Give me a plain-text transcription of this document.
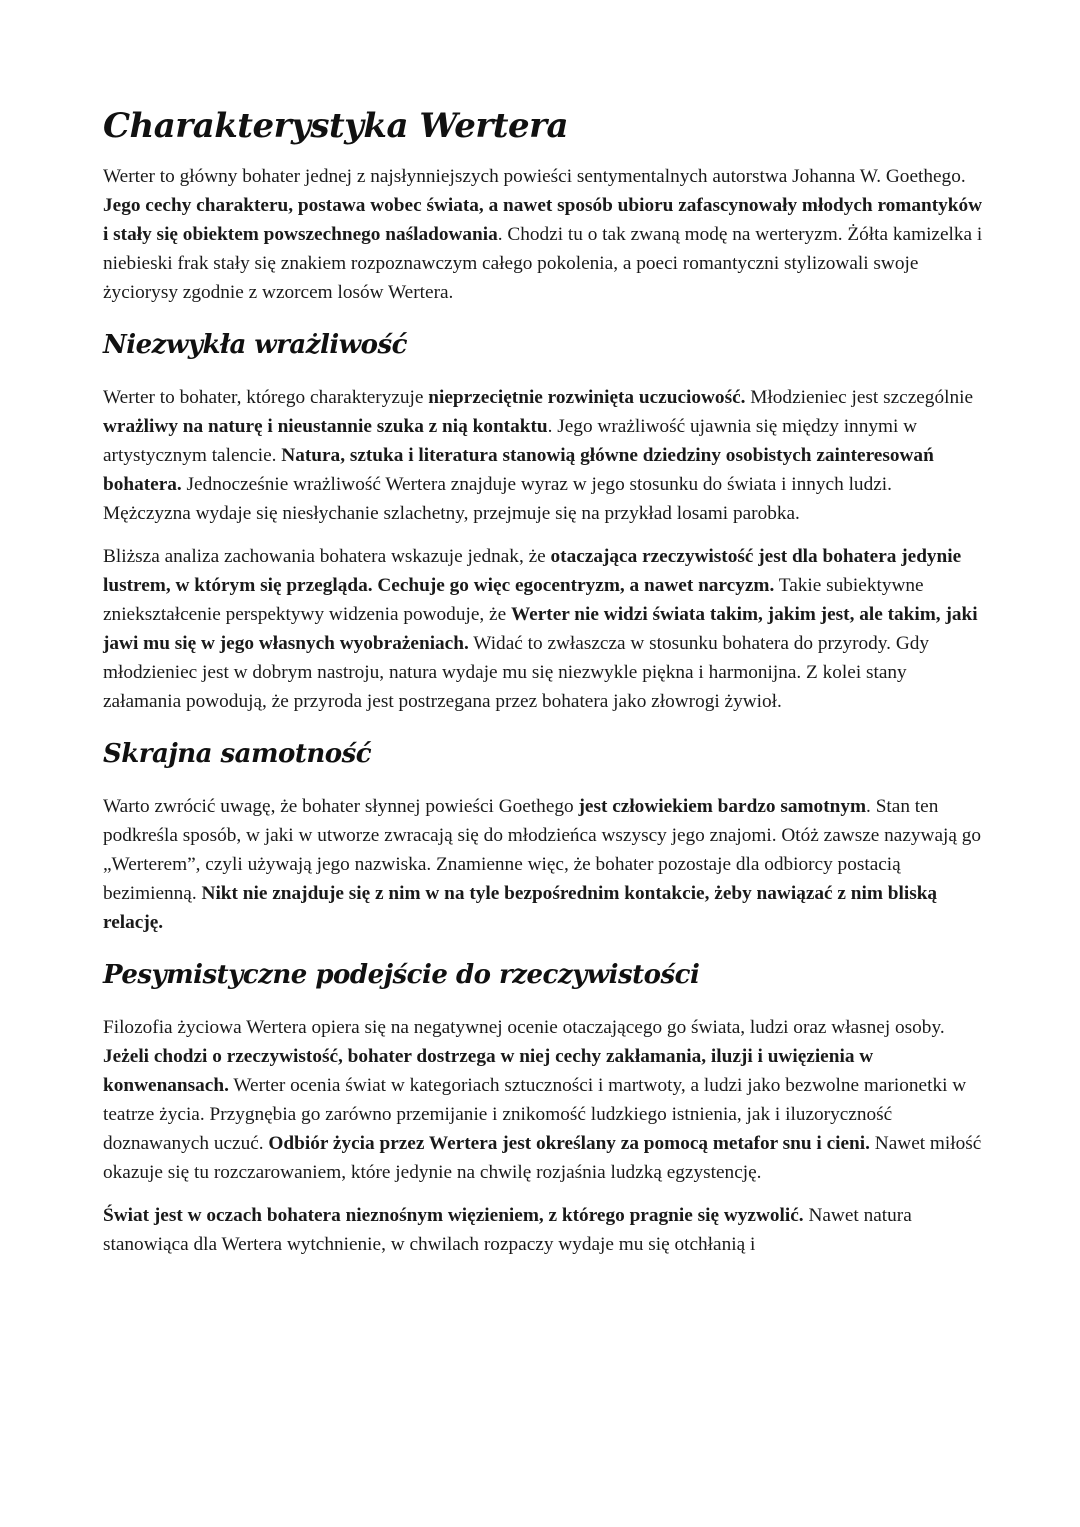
Charakterystyka Wertera

Werter to główny bohater jednej z najsłynniejszych powieści sentymentalnych autorstwa Johanna W. Goethego. Jego cechy charakteru, postawa wobec świata, a nawet sposób ubioru zafascynowały młodych romantyków i stały się obiektem powszechnego naśladowania. Chodzi tu o tak zwaną modę na werteryzm. Żółta kamizelka i niebieski frak stały się znakiem rozpoznawczym całego pokolenia, a poeci romantyczni stylizowali swoje życiorysy zgodnie z wzorcem losów Wertera.

Niezwykła wrażliwość

Werter to bohater, którego charakteryzuje nieprzeciętnie rozwinięta uczuciowość. Młodzieniec jest szczególnie wrażliwy na naturę i nieustannie szuka z nią kontaktu. Jego wrażliwość ujawnia się między innymi w artystycznym talencie. Natura, sztuka i literatura stanowią główne dziedziny osobistych zainteresowań bohatera. Jednocześnie wrażliwość Wertera znajduje wyraz w jego stosunku do świata i innych ludzi. Mężczyzna wydaje się niesłychanie szlachetny, przejmuje się na przykład losami parobka.

Bliższa analiza zachowania bohatera wskazuje jednak, że otaczająca rzeczywistość jest dla bohatera jedynie lustrem, w którym się przegląda. Cechuje go więc egocentryzm, a nawet narcyzm. Takie subiektywne zniekształcenie perspektywy widzenia powoduje, że Werter nie widzi świata takim, jakim jest, ale takim, jaki jawi mu się w jego własnych wyobrażeniach. Widać to zwłaszcza w stosunku bohatera do przyrody. Gdy młodzieniec jest w dobrym nastroju, natura wydaje mu się niezwykle piękna i harmonijna. Z kolei stany załamania powodują, że przyroda jest postrzegana przez bohatera jako złowrogi żywioł.

Skrajna samotność

Warto zwrócić uwagę, że bohater słynnej powieści Goethego jest człowiekiem bardzo samotnym. Stan ten podkreśla sposób, w jaki w utworze zwracają się do młodzieńca wszyscy jego znajomi. Otóż zawsze nazywają go „Werterem”, czyli używają jego nazwiska. Znamienne więc, że bohater pozostaje dla odbiorcy postacią bezimienną. Nikt nie znajduje się z nim w na tyle bezpośrednim kontakcie, żeby nawiązać z nim bliską relację.

Pesymistyczne podejście do rzeczywistości

Filozofia życiowa Wertera opiera się na negatywnej ocenie otaczającego go świata, ludzi oraz własnej osoby. Jeżeli chodzi o rzeczywistość, bohater dostrzega w niej cechy zakłamania, iluzji i uwięzienia w konwenansach. Werter ocenia świat w kategoriach sztuczności i martwoty, a ludzi jako bezwolne marionetki w teatrze życia. Przygnębia go zarówno przemijanie i znikomość ludzkiego istnienia, jak i iluzoryczność doznawanych uczuć. Odbiór życia przez Wertera jest określany za pomocą metafor snu i cieni. Nawet miłość okazuje się tu rozczarowaniem, które jedynie na chwilę rozjaśnia ludzką egzystencję.

Świat jest w oczach bohatera nieznośnym więzieniem, z którego pragnie się wyzwolić. Nawet natura stanowiąca dla Wertera wytchnienie, w chwilach rozpaczy wydaje mu się otchłanią i
